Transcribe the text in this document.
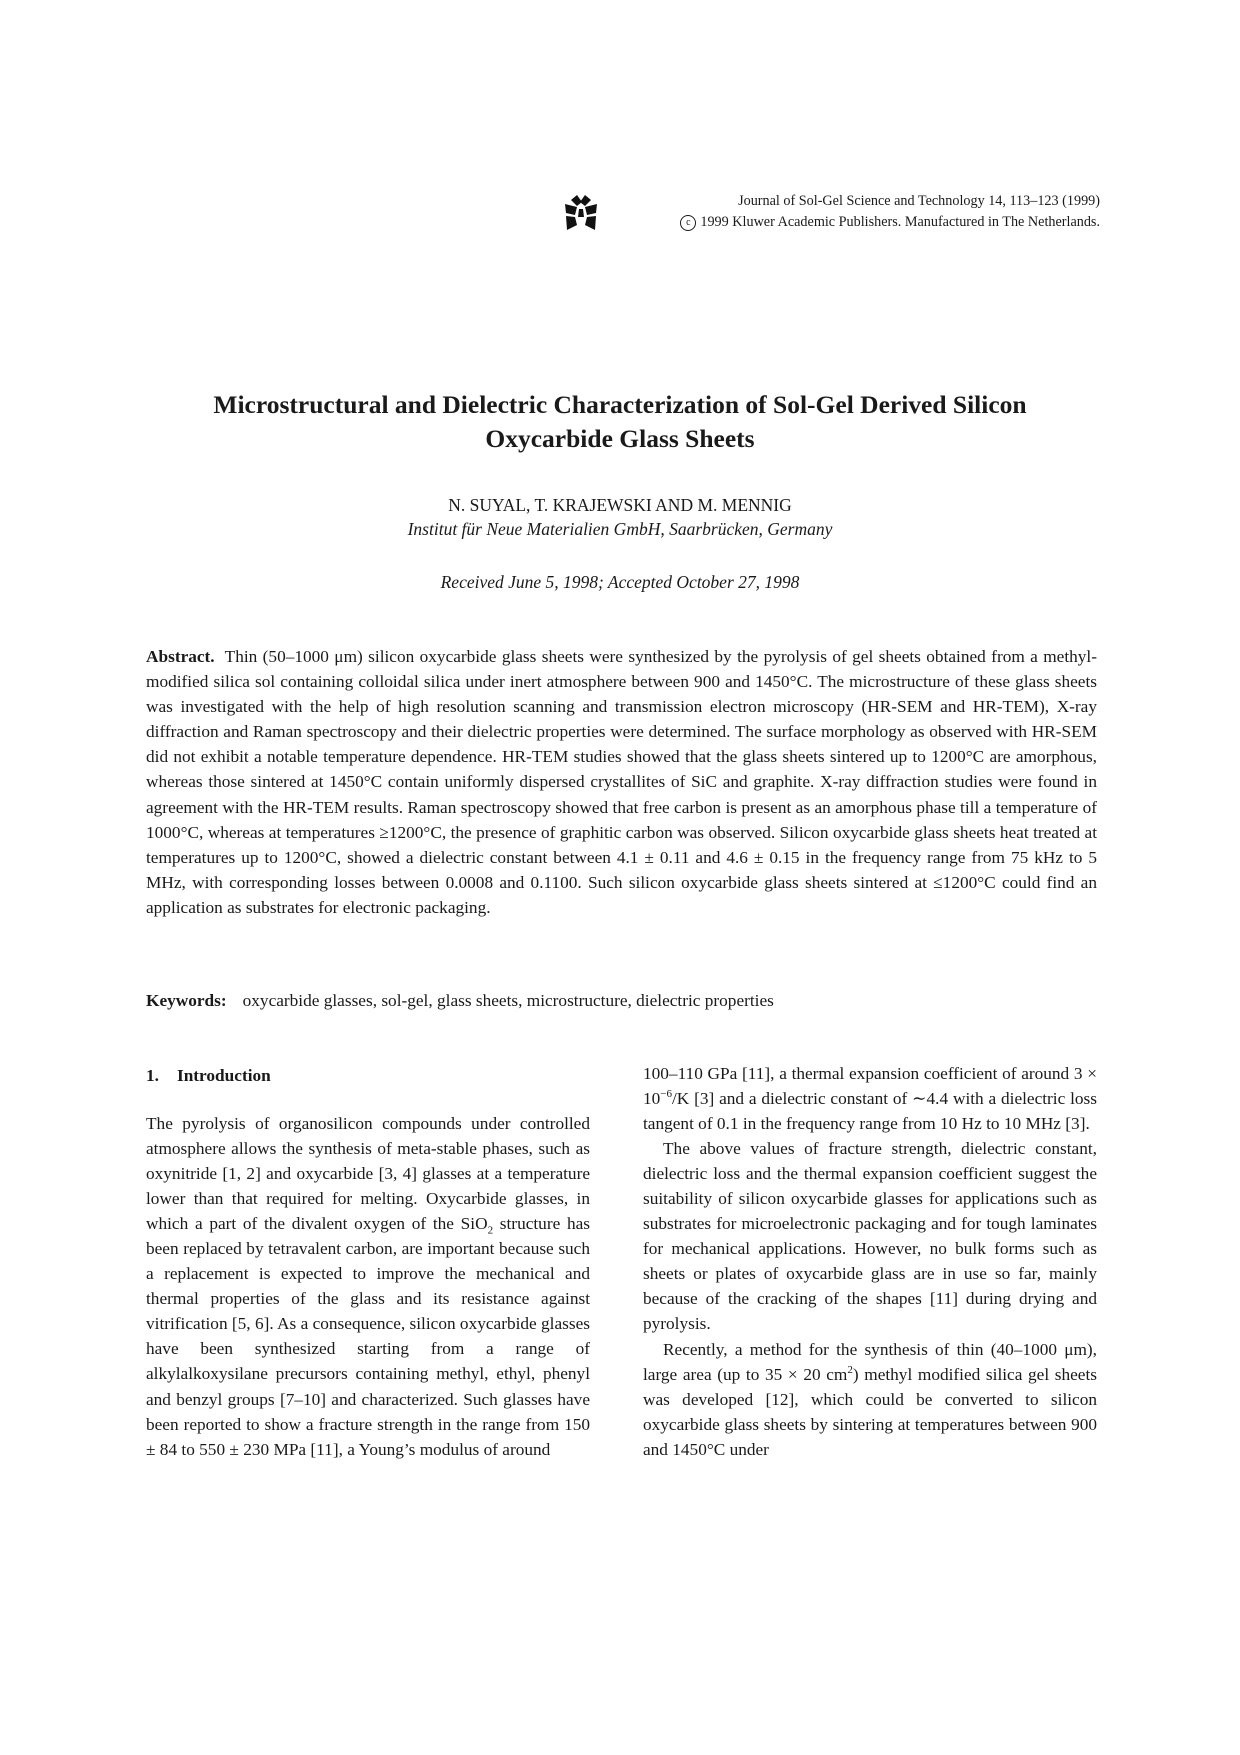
Journal of Sol-Gel Science and Technology 14, 113–123 (1999)
c 1999 Kluwer Academic Publishers. Manufactured in The Netherlands.
Microstructural and Dielectric Characterization of Sol-Gel Derived Silicon Oxycarbide Glass Sheets

N. SUYAL, T. KRAJEWSKI AND M. MENNIG

Institut für Neue Materialien GmbH, Saarbrücken, Germany

Received June 5, 1998; Accepted October 27, 1998

Abstract. Thin (50–1000 μm) silicon oxycarbide glass sheets were synthesized by the pyrolysis of gel sheets obtained from a methyl-modified silica sol containing colloidal silica under inert atmosphere between 900 and 1450°C. The microstructure of these glass sheets was investigated with the help of high resolution scanning and transmission electron microscopy (HR-SEM and HR-TEM), X-ray diffraction and Raman spectroscopy and their dielectric properties were determined. The surface morphology as observed with HR-SEM did not exhibit a notable temperature dependence. HR-TEM studies showed that the glass sheets sintered up to 1200°C are amorphous, whereas those sintered at 1450°C contain uniformly dispersed crystallites of SiC and graphite. X-ray diffraction studies were found in agreement with the HR-TEM results. Raman spectroscopy showed that free carbon is present as an amorphous phase till a temperature of 1000°C, whereas at temperatures ≥1200°C, the presence of graphitic carbon was observed. Silicon oxycarbide glass sheets heat treated at temperatures up to 1200°C, showed a dielectric constant between 4.1 ± 0.11 and 4.6 ± 0.15 in the frequency range from 75 kHz to 5 MHz, with corresponding losses between 0.0008 and 0.1100. Such silicon oxycarbide glass sheets sintered at ≤1200°C could find an application as substrates for electronic packaging.

Keywords: oxycarbide glasses, sol-gel, glass sheets, microstructure, dielectric properties

1. Introduction

The pyrolysis of organosilicon compounds under controlled atmosphere allows the synthesis of meta-stable phases, such as oxynitride [1, 2] and oxycarbide [3, 4] glasses at a temperature lower than that required for melting. Oxycarbide glasses, in which a part of the divalent oxygen of the SiO$_2$ structure has been replaced by tetravalent carbon, are important because such a replacement is expected to improve the mechanical and thermal properties of the glass and its resistance against vitrification [5, 6]. As a consequence, silicon oxycarbide glasses have been synthesized starting from a range of alkylalkoxysilane precursors containing methyl, ethyl, phenyl and benzyl groups [7–10] and characterized. Such glasses have been reported to show a fracture strength in the range from 150 ± 84 to 550 ± 230 MPa [11], a Young’s modulus of around

100–110 GPa [11], a thermal expansion coefficient of around $3 \times 10^{-6}/K$ [3] and a dielectric constant of ∼4.4 with a dielectric loss tangent of 0.1 in the frequency range from 10 Hz to 10 MHz [3].

The above values of fracture strength, dielectric constant, dielectric loss and the thermal expansion coefficient suggest the suitability of silicon oxycarbide glasses for applications such as substrates for microelectronic packaging and for tough laminates for mechanical applications. However, no bulk forms such as sheets or plates of oxycarbide glass are in use so far, mainly because of the cracking of the shapes [11] during drying and pyrolysis.

Recently, a method for the synthesis of thin (40–1000 μm), large area (up to 35 × 20 $cm^2$) methyl modified silica gel sheets was developed [12], which could be converted to silicon oxycarbide glass sheets by sintering at temperatures between 900 and 1450°C under
